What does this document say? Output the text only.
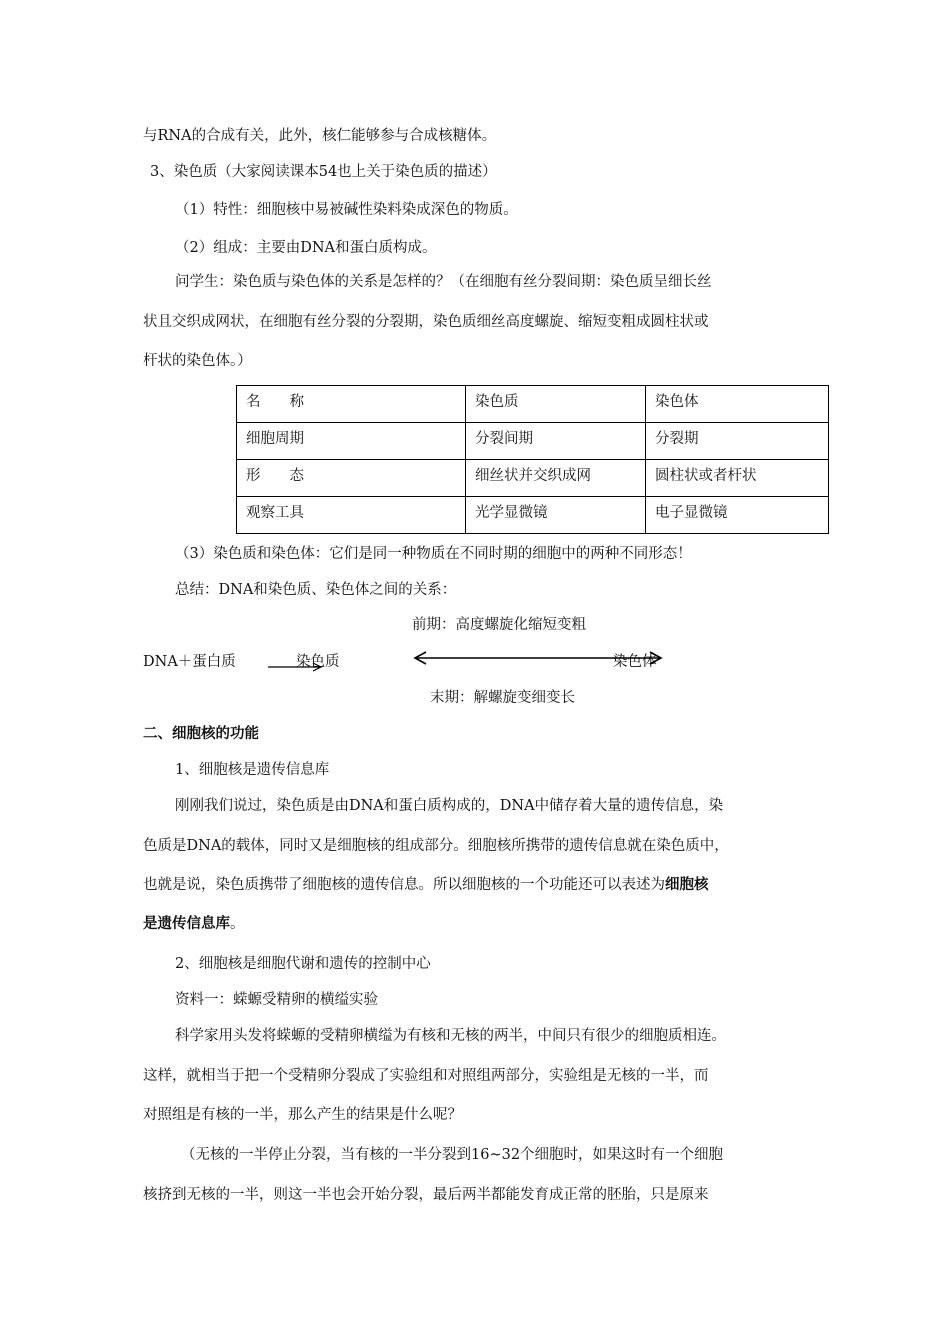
与RNA的合成有关，此外，核仁能够参与合成核糖体。
3、染色质（大家阅读课本54也上关于染色质的描述）
（1）特性：细胞核中易被碱性染料染成深色的物质。
（2）组成：主要由DNA和蛋白质构成。
问学生：染色质与染色体的关系是怎样的？（在细胞有丝分裂间期：染色质呈细长丝
状且交织成网状，在细胞有丝分裂的分裂期，染色质细丝高度螺旋、缩短变粗成圆柱状或
杆状的染色体。）
名　　称	染色质	染色体
细胞周期	分裂间期	分裂期
形　　态	细丝状并交织成网	圆柱状或者杆状
观察工具	光学显微镜	电子显微镜
（3）染色质和染色体：它们是同一种物质在不同时期的细胞中的两种不同形态！
总结：DNA和染色质、染色体之间的关系：
前期：高度螺旋化缩短变粗
DNA＋蛋白质	染色质	染色体
末期：解螺旋变细变长
二、细胞核的功能
1、细胞核是遗传信息库
刚刚我们说过，染色质是由DNA和蛋白质构成的，DNA中储存着大量的遗传信息，染
色质是DNA的载体，同时又是细胞核的组成部分。细胞核所携带的遗传信息就在染色质中，
也就是说，染色质携带了细胞核的遗传信息。所以细胞核的一个功能还可以表述为细胞核
是遗传信息库。
2、细胞核是细胞代谢和遗传的控制中心
资料一：蝾螈受精卵的横缢实验
科学家用头发将蝾螈的受精卵横缢为有核和无核的两半，中间只有很少的细胞质相连。
这样，就相当于把一个受精卵分裂成了实验组和对照组两部分，实验组是无核的一半，而
对照组是有核的一半，那么产生的结果是什么呢？
（无核的一半停止分裂，当有核的一半分裂到16~32个细胞时，如果这时有一个细胞
核挤到无核的一半，则这一半也会开始分裂，最后两半都能发育成正常的胚胎，只是原来
